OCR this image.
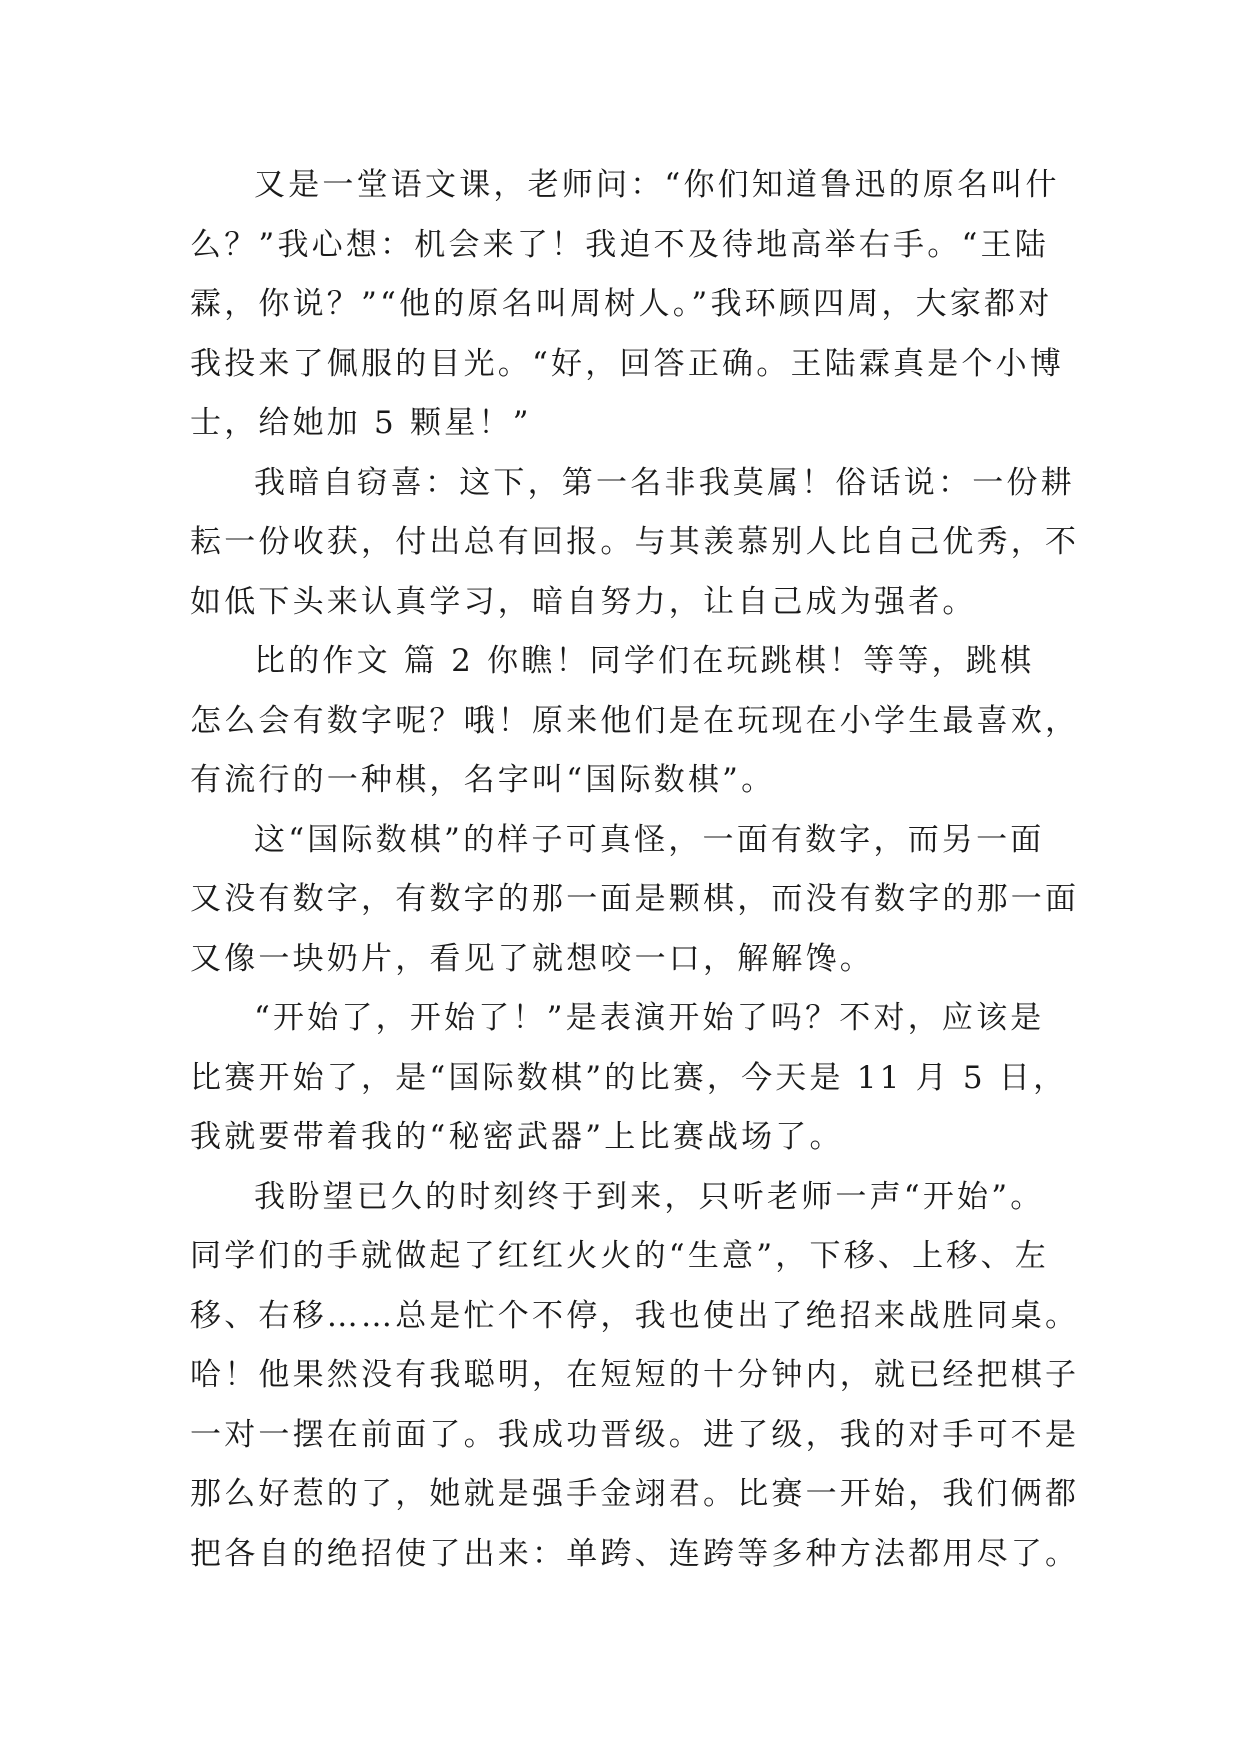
又是一堂语文课，老师问：“你们知道鲁迅的原名叫什
么？”我心想：机会来了！我迫不及待地高举右手。“王陆
霖，你说？”“他的原名叫周树人。”我环顾四周，大家都对
我投来了佩服的目光。“好，回答正确。王陆霖真是个小博
士，给她加 5 颗星！”
我暗自窃喜：这下，第一名非我莫属！俗话说：一份耕
耘一份收获，付出总有回报。与其羡慕别人比自己优秀，不
如低下头来认真学习，暗自努力，让自己成为强者。
比的作文 篇 2 你瞧！同学们在玩跳棋！等等，跳棋
怎么会有数字呢？哦！原来他们是在玩现在小学生最喜欢，
有流行的一种棋，名字叫“国际数棋”。
这“国际数棋”的样子可真怪，一面有数字，而另一面
又没有数字，有数字的那一面是颗棋，而没有数字的那一面
又像一块奶片，看见了就想咬一口，解解馋。
“开始了，开始了！”是表演开始了吗？不对，应该是
比赛开始了，是“国际数棋”的比赛，今天是 11 月 5 日，
我就要带着我的“秘密武器”上比赛战场了。
我盼望已久的时刻终于到来，只听老师一声“开始”。
同学们的手就做起了红红火火的“生意”，下移、上移、左
移、右移……总是忙个不停，我也使出了绝招来战胜同桌。
哈！他果然没有我聪明，在短短的十分钟内，就已经把棋子
一对一摆在前面了。我成功晋级。进了级，我的对手可不是
那么好惹的了，她就是强手金翊君。比赛一开始，我们俩都
把各自的绝招使了出来：单跨、连跨等多种方法都用尽了。
